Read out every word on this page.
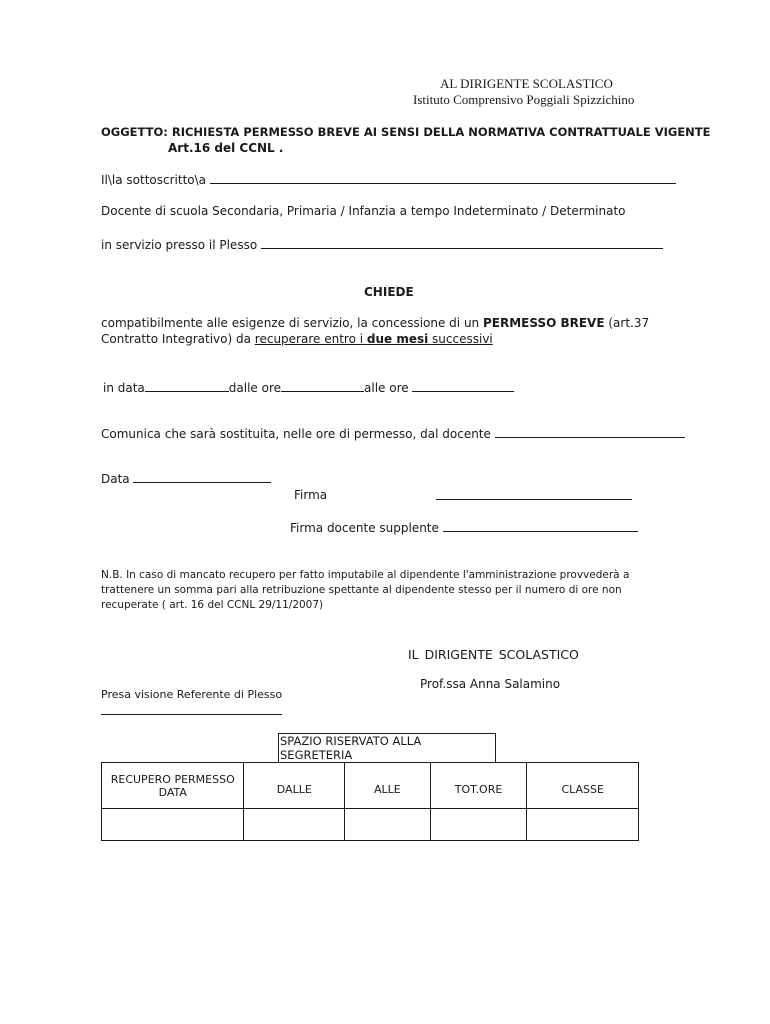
AL DIRIGENTE SCOLASTICO
Istituto Comprensivo Poggiali Spizzichino
OGGETTO: RICHIESTA PERMESSO BREVE AI SENSI DELLA NORMATIVA CONTRATTUALE VIGENTE
Art.16 del CCNL .
Il\la sottoscritto\a
Docente di scuola Secondaria, Primaria / Infanzia a tempo Indeterminato / Determinato
in servizio presso il Plesso
CHIEDE
compatibilmente alle esigenze di servizio, la concessione di un PERMESSO BREVE (art.37
Contratto Integrativo) da recuperare entro i due mesi successivi
in data	dalle ore	alle ore
Comunica che sarà sostituita, nelle ore di permesso, dal docente
Data
Firma
Firma docente supplente
N.B. In caso di mancato recupero per fatto imputabile al dipendente l'amministrazione provvederà a
trattenere un somma pari alla retribuzione spettante al dipendente stesso per il numero di ore non
recuperate ( art. 16 del CCNL 29/11/2007)
IL DIRIGENTE SCOLASTICO
Prof.ssa Anna Salamino
Presa visione Referente di Plesso
SPAZIO RISERVATO ALLA SEGRETERIA
RECUPERO PERMESSO DATA	DALLE	ALLE	TOT.ORE	CLASSE
